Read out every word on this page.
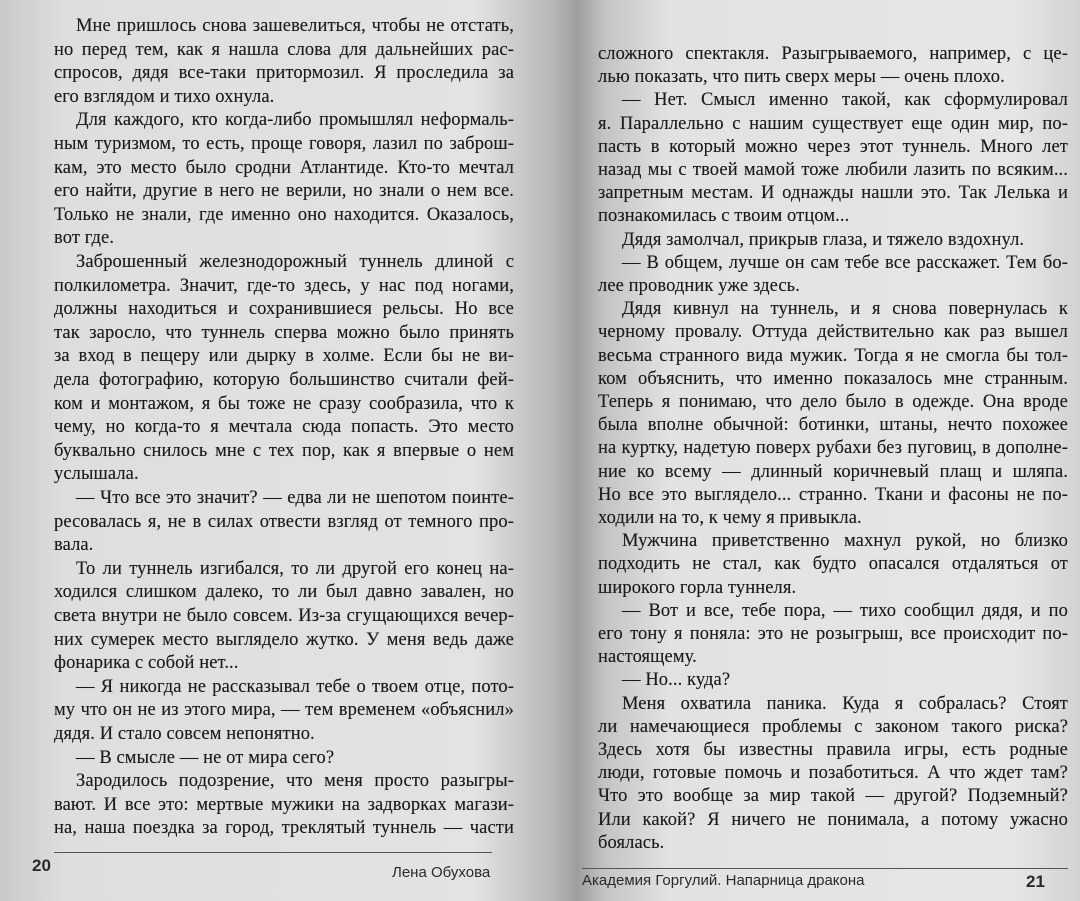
Мне пришлось снова зашевелиться, чтобы не отстать,
но перед тем, как я нашла слова для дальнейших рас-
спросов, дядя все-таки притормозил. Я проследила за
его взглядом и тихо охнула.
Для каждого, кто когда-либо промышлял неформаль-
ным туризмом, то есть, проще говоря, лазил по заброш-
кам, это место было сродни Атлантиде. Кто-то мечтал
его найти, другие в него не верили, но знали о нем все.
Только не знали, где именно оно находится. Оказалось,
вот где.
Заброшенный железнодорожный туннель длиной с
полкилометра. Значит, где-то здесь, у нас под ногами,
должны находиться и сохранившиеся рельсы. Но все
так заросло, что туннель сперва можно было принять
за вход в пещеру или дырку в холме. Если бы не ви-
дела фотографию, которую большинство считали фей-
ком и монтажом, я бы тоже не сразу сообразила, что к
чему, но когда-то я мечтала сюда попасть. Это место
буквально снилось мне с тех пор, как я впервые о нем
услышала.
— Что все это значит? — едва ли не шепотом поинте-
ресовалась я, не в силах отвести взгляд от темного про-
вала.
То ли туннель изгибался, то ли другой его конец на-
ходился слишком далеко, то ли был давно завален, но
света внутри не было совсем. Из-за сгущающихся вечер-
них сумерек место выглядело жутко. У меня ведь даже
фонарика с собой нет...
— Я никогда не рассказывал тебе о твоем отце, пото-
му что он не из этого мира, — тем временем «объяснил»
дядя. И стало совсем непонятно.
— В смысле — не от мира сего?
Зародилось подозрение, что меня просто разыгры-
вают. И все это: мертвые мужики на задворках магази-
на, наша поездка за город, треклятый туннель — части
20	Лена Обухова
сложного спектакля. Разыгрываемого, например, с це-
лью показать, что пить сверх меры — очень плохо.
— Нет. Смысл именно такой, как сформулировал
я. Параллельно с нашим существует еще один мир, по-
пасть в который можно через этот туннель. Много лет
назад мы с твоей мамой тоже любили лазить по всяким...
запретным местам. И однажды нашли это. Так Лелька и
познакомилась с твоим отцом...
Дядя замолчал, прикрыв глаза, и тяжело вздохнул.
— В общем, лучше он сам тебе все расскажет. Тем бо-
лее проводник уже здесь.
Дядя кивнул на туннель, и я снова повернулась к
черному провалу. Оттуда действительно как раз вышел
весьма странного вида мужик. Тогда я не смогла бы тол-
ком объяснить, что именно показалось мне странным.
Теперь я понимаю, что дело было в одежде. Она вроде
была вполне обычной: ботинки, штаны, нечто похожее
на куртку, надетую поверх рубахи без пуговиц, в дополне-
ние ко всему — длинный коричневый плащ и шляпа.
Но все это выглядело... странно. Ткани и фасоны не по-
ходили на то, к чему я привыкла.
Мужчина приветственно махнул рукой, но близко
подходить не стал, как будто опасался отдаляться от
широкого горла туннеля.
— Вот и все, тебе пора, — тихо сообщил дядя, и по
его тону я поняла: это не розыгрыш, все происходит по-
настоящему.
— Но... куда?
Меня охватила паника. Куда я собралась? Стоят
ли намечающиеся проблемы с законом такого риска?
Здесь хотя бы известны правила игры, есть родные
люди, готовые помочь и позаботиться. А что ждет там?
Что это вообще за мир такой — другой? Подземный?
Или какой? Я ничего не понимала, а потому ужасно
боялась.
Академия Горгулий. Напарница дракона	21
